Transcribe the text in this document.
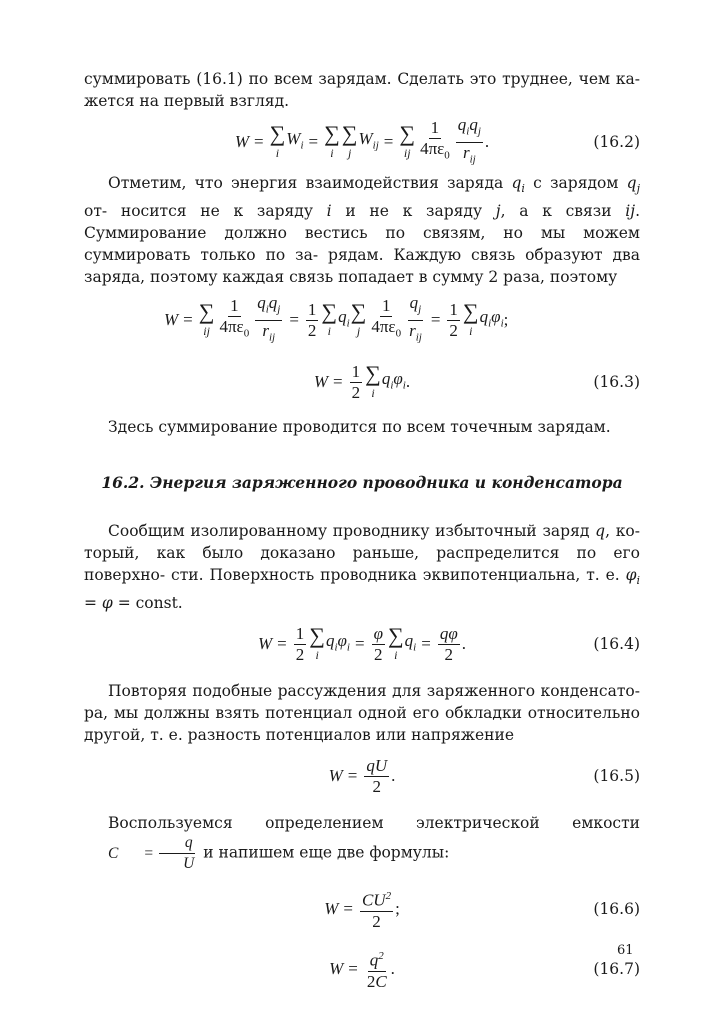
суммировать (16.1) по всем зарядам. Сделать это труднее, чем ка- жется на первый взгляд.

W = ∑
i
$W_i$ = ∑
i
∑
j
$W_{ij}$ = ∑
ij $\frac{1}{4\pi\varepsilon_0} \frac{q_iq_j}{r_{ij}}$ .	(16.2)

Отметим, что энергия взаимодействия заряда $q_i$ с зарядом $q_j$ от- носится не к заряду i и не к заряду j, а к связи ij. Суммирование должно вестись по связям, но мы можем суммировать только по за- рядам. Каждую связь образуют два заряда, поэтому каждая связь попадает в сумму 2 раза, поэтому

W = ∑
ij $\frac{1}{4\pi\varepsilon_0} \frac{q_iq_j}{r_{ij}} = \frac{1}{2}$ ∑
i
$q_i$ ∑
j $\frac{1}{4\pi\varepsilon_0} \frac{q_j}{r_{ij}} = \frac{1}{2}$ ∑
i
$q_i\varphi_i$ ;
$W = \frac{1}{2}$ ∑
i
$q_i\varphi_i$ .	(16.3)

Здесь суммирование проводится по всем точечным зарядам.

16.2. Энергия заряженного проводника и конденсатора

Сообщим изолированному проводнику избыточный заряд q, ко- торый, как было доказано раньше, распределится по его поверхно- сти. Поверхность проводника эквипотенциальна, т. е. $\varphi_i = \varphi$ = const.

$W = \frac{1}{2}$ ∑
i
$q_i\varphi_i = \frac{\varphi}{2}$ ∑
i
$q_i = \frac{q\varphi}{2}$ .	(16.4)

Повторяя подобные рассуждения для заряженного конденсато- ра, мы должны взять потенциал одной его обкладки относительно другой, т. е. разность потенциалов или напряжение

$W = \frac{qU}{2}$ .	(16.5)

Воспользуемся определением электрической емкости
C	= $\frac{q}{U}$ и напишем еще две формулы:

$W = \frac{CU^2}{2}$ ;	(16.6)
$W = \frac{q^2}{2C}$ .	(16.7)
61
